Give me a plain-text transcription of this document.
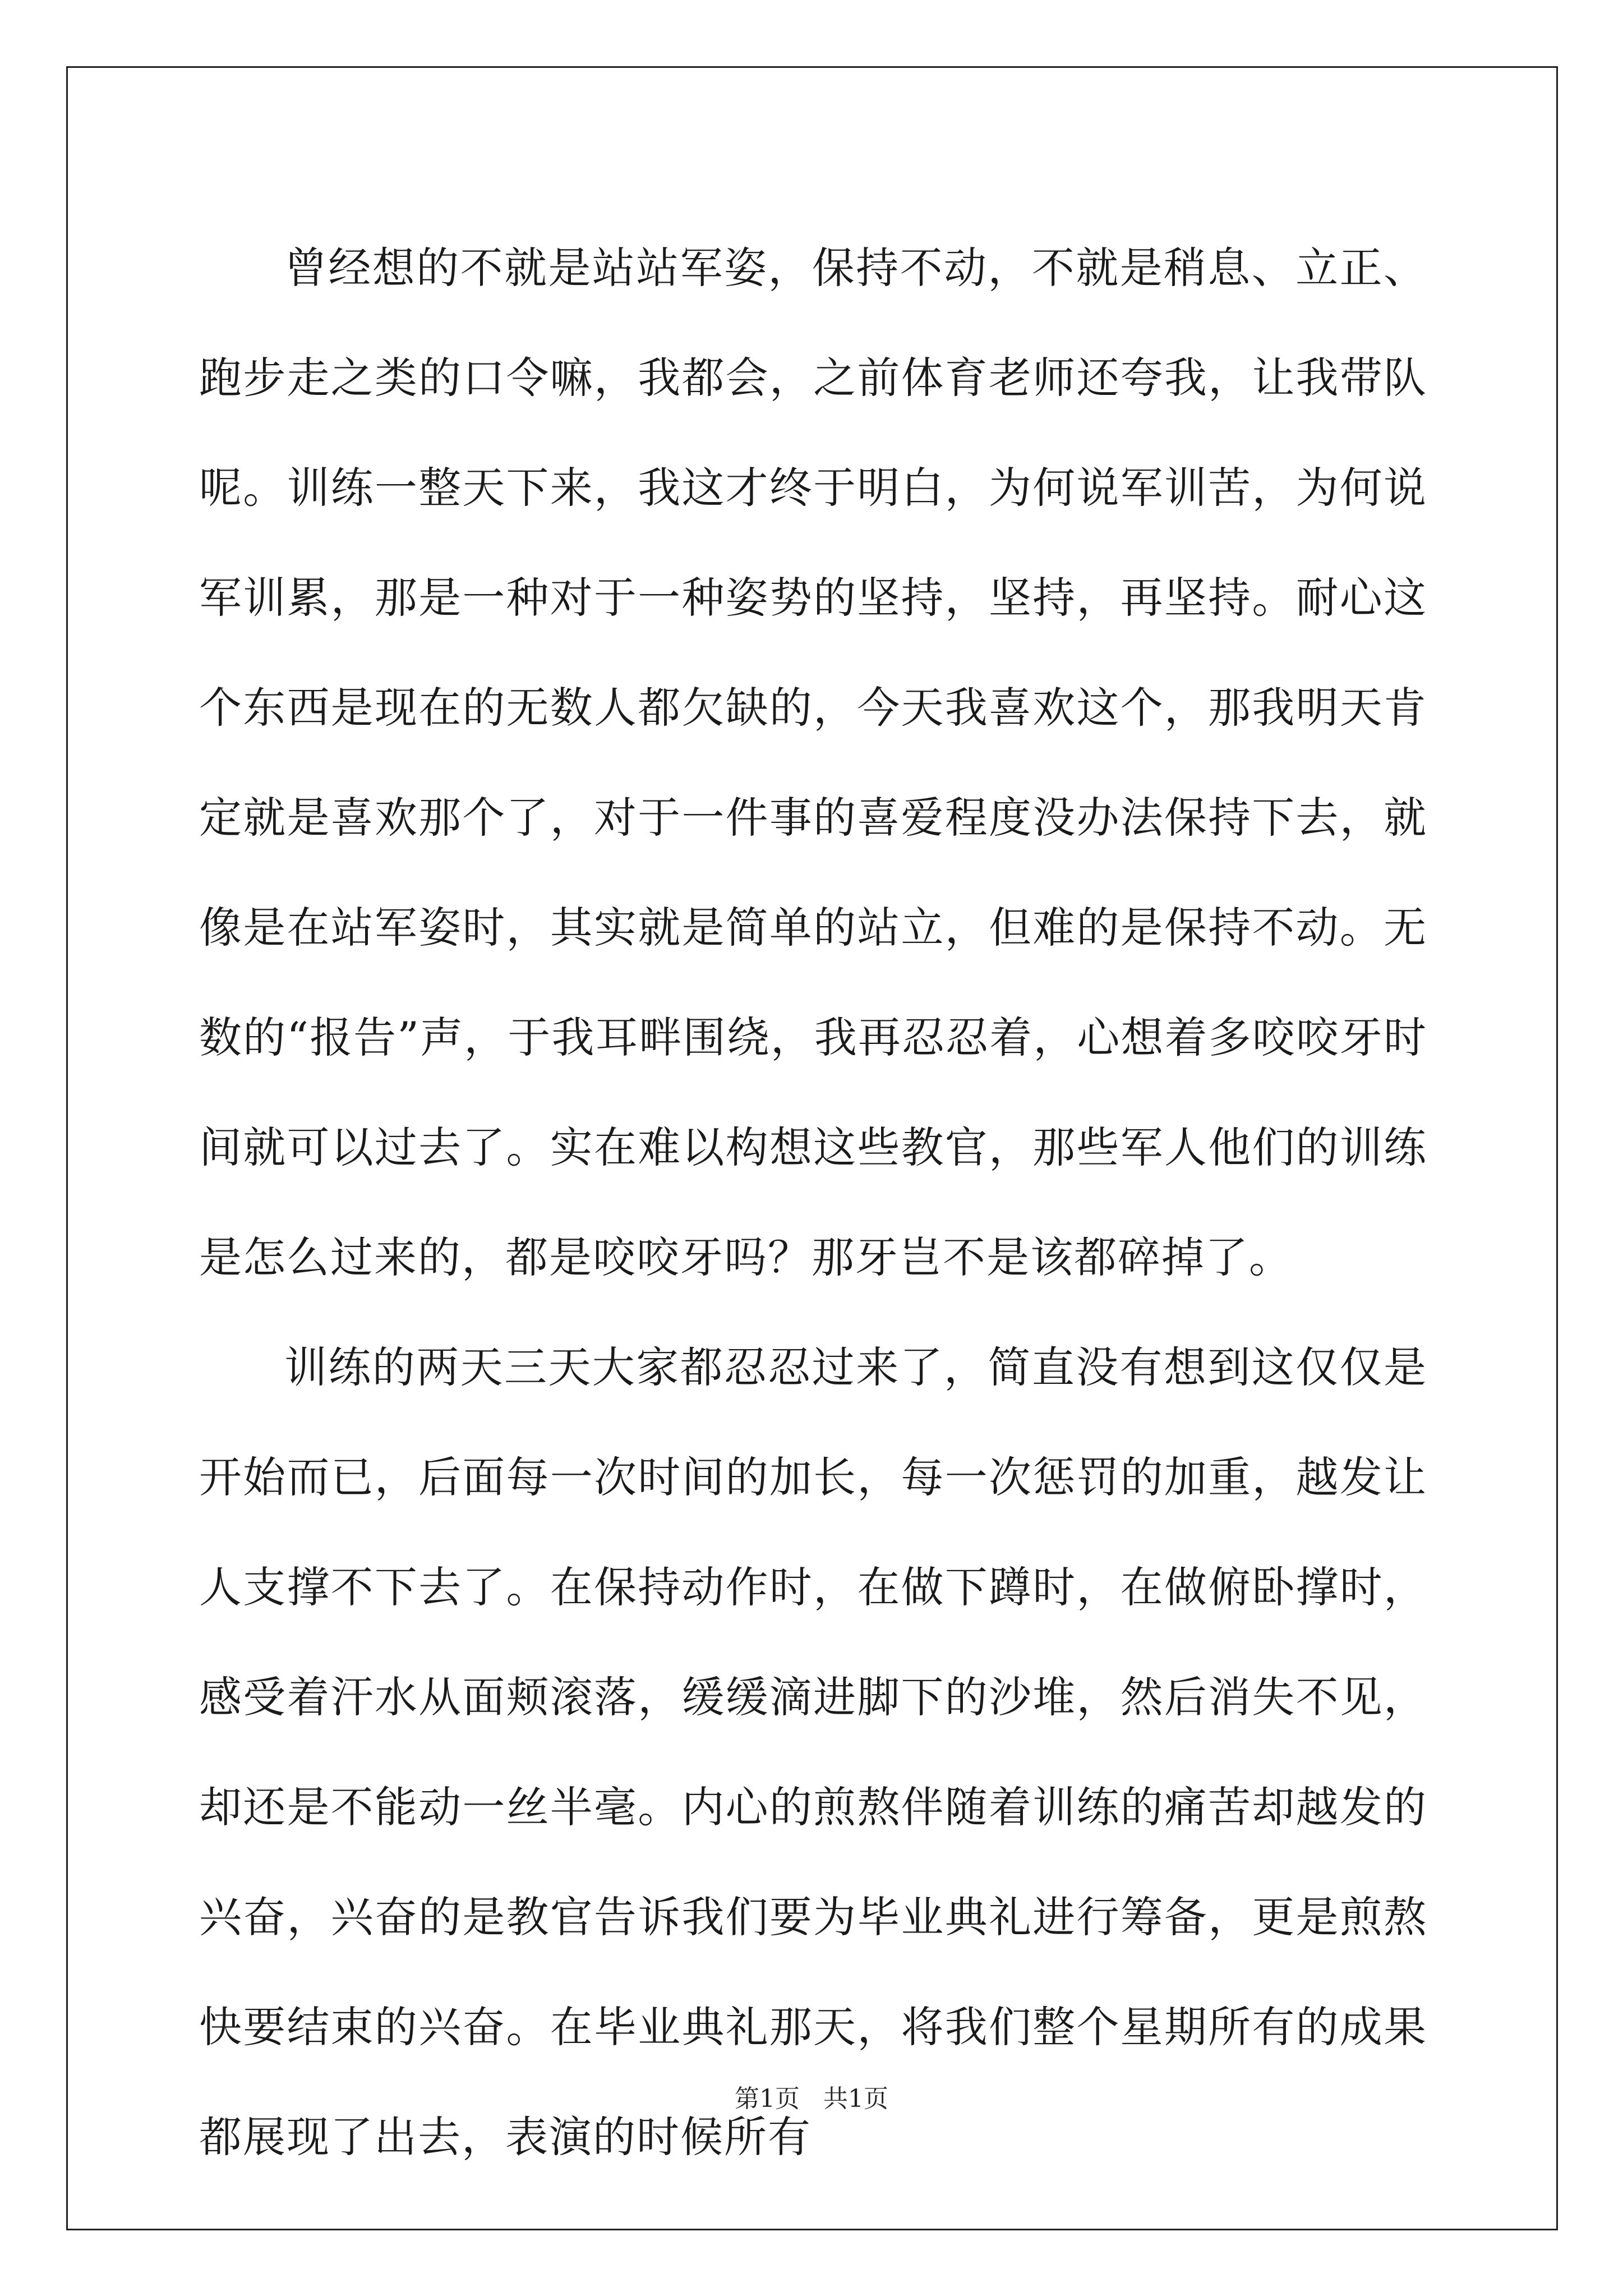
曾经想的不就是站站军姿，保持不动，不就是稍息、立正、跑步走之类的口令嘛，我都会，之前体育老师还夸我，让我带队呢。训练一整天下来，我这才终于明白，为何说军训苦，为何说军训累，那是一种对于一种姿势的坚持，坚持，再坚持。耐心这个东西是现在的无数人都欠缺的，今天我喜欢这个，那我明天肯定就是喜欢那个了，对于一件事的喜爱程度没办法保持下去，就像是在站军姿时，其实就是简单的站立，但难的是保持不动。无数的“报告”声，于我耳畔围绕，我再忍忍着，心想着多咬咬牙时间就可以过去了。实在难以构想这些教官，那些军人他们的训练是怎么过来的，都是咬咬牙吗？那牙岂不是该都碎掉了。

训练的两天三天大家都忍忍过来了，简直没有想到这仅仅是开始而已，后面每一次时间的加长，每一次惩罚的加重，越发让人支撑不下去了。在保持动作时，在做下蹲时，在做俯卧撑时，感受着汗水从面颊滚落，缓缓滴进脚下的沙堆，然后消失不见，却还是不能动一丝半毫。内心的煎熬伴随着训练的痛苦却越发的兴奋，兴奋的是教官告诉我们要为毕业典礼进行筹备，更是煎熬快要结束的兴奋。在毕业典礼那天，将我们整个星期所有的成果都展现了出去，表演的时候所有

第1页 共1页
